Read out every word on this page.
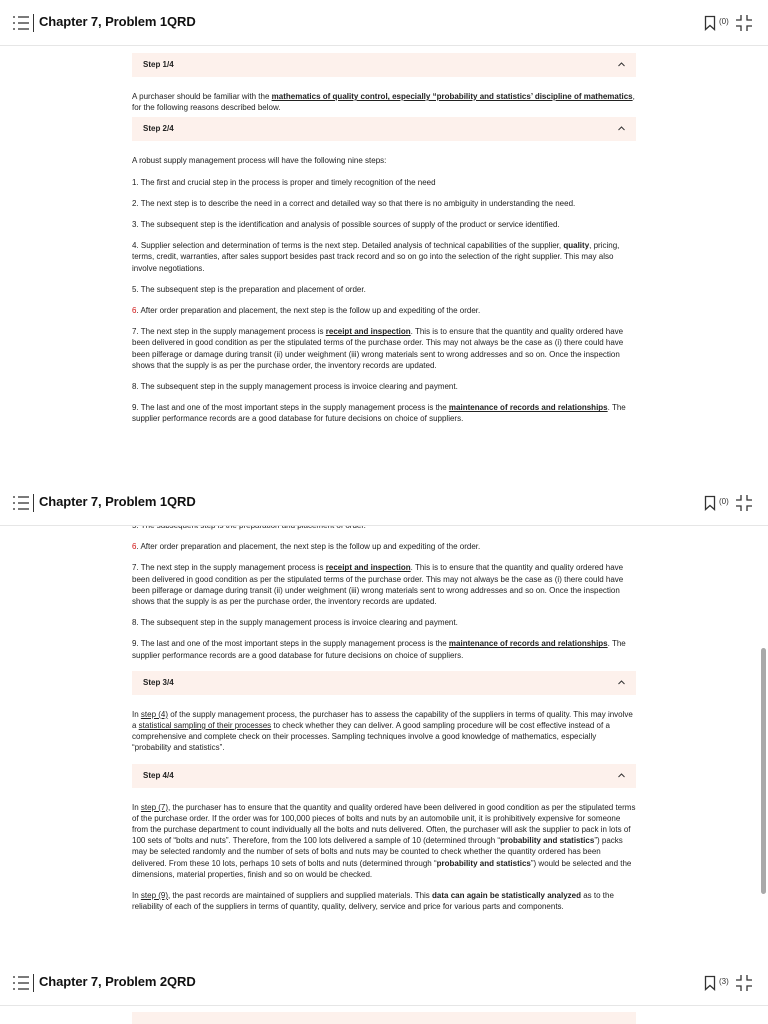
Chapter 7, Problem 1QRD	(0)
Step 1/4

A purchaser should be familiar with the mathematics of quality control, especially “probability and statistics’ discipline of mathematics, for the following reasons described below.

Step 2/4

A robust supply management process will have the following nine steps:

1. The first and crucial step in the process is proper and timely recognition of the need

2. The next step is to describe the need in a correct and detailed way so that there is no ambiguity in understanding the need.

3. The subsequent step is the identification and analysis of possible sources of supply of the product or service identified.

4. Supplier selection and determination of terms is the next step. Detailed analysis of technical capabilities of the supplier, quality, pricing, terms, credit, warranties, after sales support besides past track record and so on go into the selection of the right supplier. This may also involve negotiations.

5. The subsequent step is the preparation and placement of order.

6. After order preparation and placement, the next step is the follow up and expediting of the order.

7. The next step in the supply management process is receipt and inspection. This is to ensure that the quantity and quality ordered have been delivered in good condition as per the stipulated terms of the purchase order. This may not always be the case as (i) there could have been pilferage or damage during transit (ii) under weighment (iii) wrong materials sent to wrong addresses and so on. Once the inspection shows that the supply is as per the purchase order, the inventory records are updated.

8. The subsequent step in the supply management process is invoice clearing and payment.

9. The last and one of the most important steps in the supply management process is the maintenance of records and relationships. The supplier performance records are a good database for future decisions on choice of suppliers.

Chapter 7, Problem 1QRD	(0)

6. After order preparation and placement, the next step is the follow up and expediting of the order.

7. The next step in the supply management process is receipt and inspection. This is to ensure that the quantity and quality ordered have been delivered in good condition as per the stipulated terms of the purchase order. This may not always be the case as (i) there could have been pilferage or damage during transit (ii) under weighment (iii) wrong materials sent to wrong addresses and so on. Once the inspection shows that the supply is as per the purchase order, the inventory records are updated.

8. The subsequent step in the supply management process is invoice clearing and payment.

9. The last and one of the most important steps in the supply management process is the maintenance of records and relationships. The supplier performance records are a good database for future decisions on choice of suppliers.

Step 3/4

In step (4) of the supply management process, the purchaser has to assess the capability of the suppliers in terms of quality. This may involve a statistical sampling of their processes to check whether they can deliver. A good sampling procedure will be cost effective instead of a comprehensive and complete check on their processes. Sampling techniques involve a good knowledge of mathematics, especially “probability and statistics”.

Step 4/4

In step (7), the purchaser has to ensure that the quantity and quality ordered have been delivered in good condition as per the stipulated terms of the purchase order. If the order was for 100,000 pieces of bolts and nuts by an automobile unit, it is prohibitively expensive for someone from the purchase department to count individually all the bolts and nuts delivered. Often, the purchaser will ask the supplier to pack in lots of 100 sets of “bolts and nuts”. Therefore, from the 100 lots delivered a sample of 10 (determined through “probability and statistics”) packs may be selected randomly and the number of sets of bolts and nuts may be counted to check whether the quantity ordered has been delivered. From these 10 lots, perhaps 10 sets of bolts and nuts (determined through “probability and statistics”) would be selected and the dimensions, material properties, finish and so on would be checked.

In step (9), the past records are maintained of suppliers and supplied materials. This data can again be statistically analyzed as to the reliability of each of the suppliers in terms of quantity, quality, delivery, service and price for various parts and components.

Chapter 7, Problem 2QRD	(3)
